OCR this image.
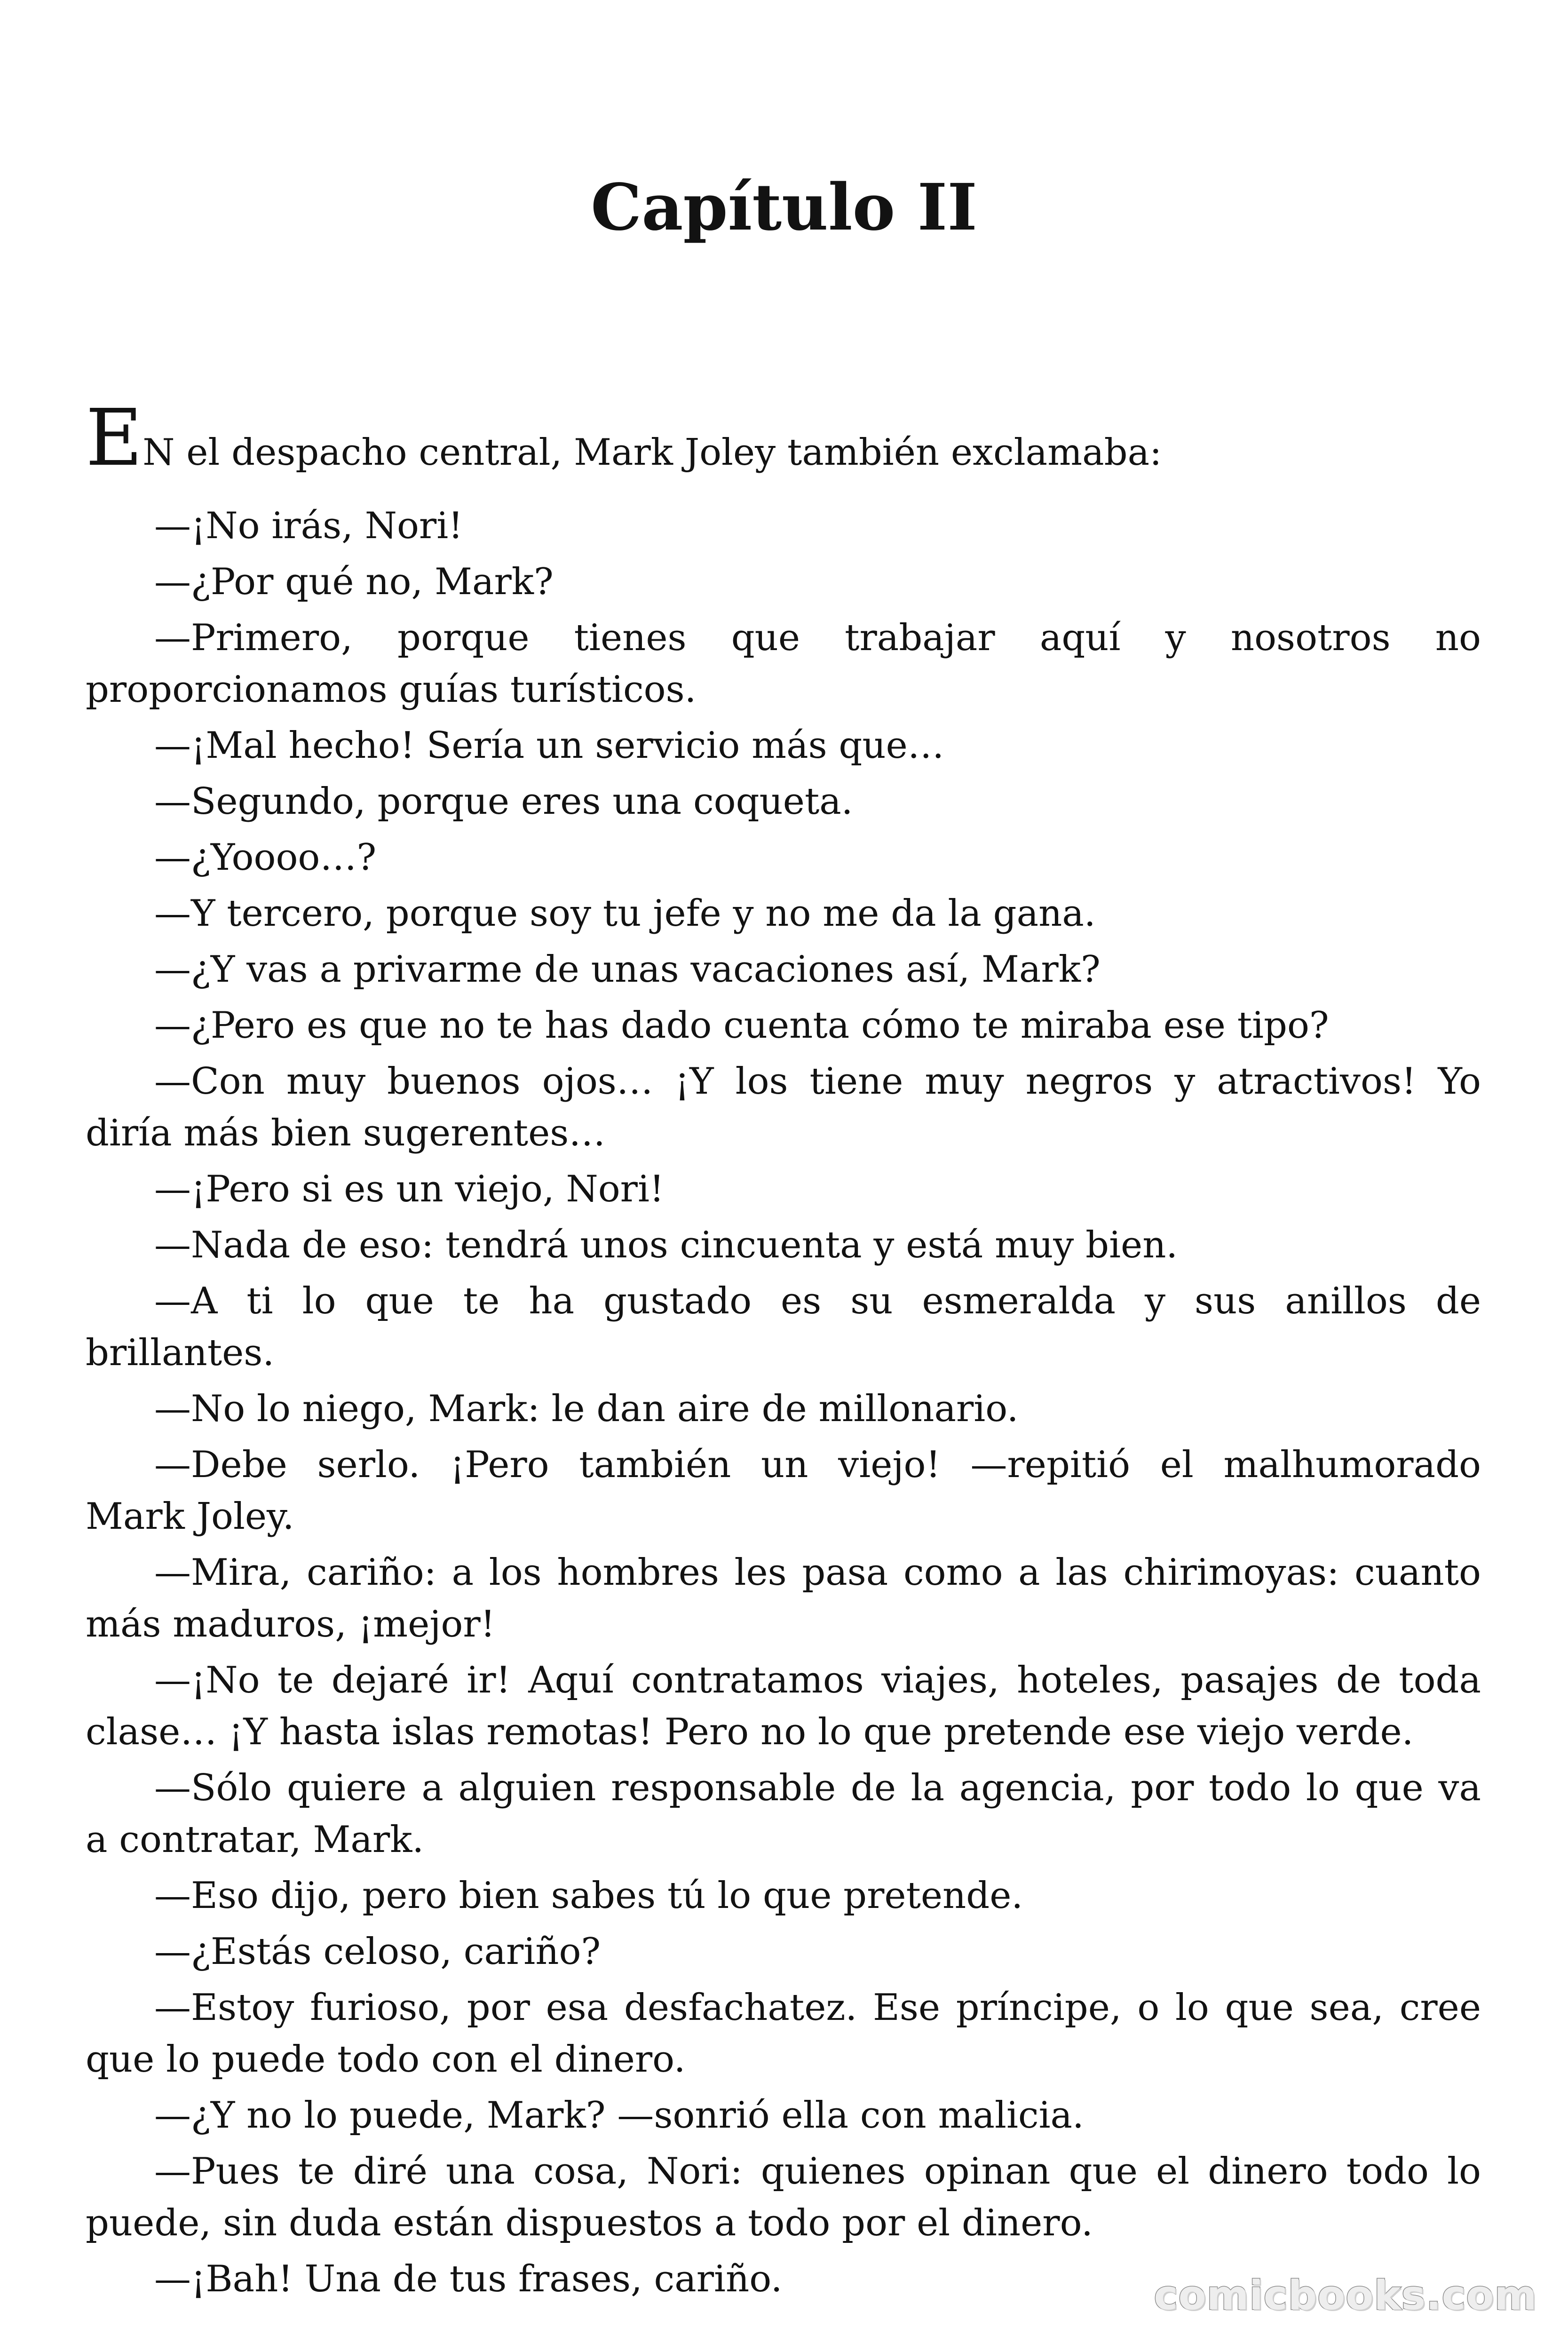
Capítulo II
EN el despacho central, Mark Joley también exclamaba:
—¡No irás, Nori!
—¿Por qué no, Mark?
—Primero, porque tienes que trabajar aquí y nosotros no
proporcionamos guías turísticos.
—¡Mal hecho! Sería un servicio más que…
—Segundo, porque eres una coqueta.
—¿Yoooo…?
—Y tercero, porque soy tu jefe y no me da la gana.
—¿Y vas a privarme de unas vacaciones así, Mark?
—¿Pero es que no te has dado cuenta cómo te miraba ese tipo?
—Con muy buenos ojos… ¡Y los tiene muy negros y atractivos! Yo
diría más bien sugerentes…
—¡Pero si es un viejo, Nori!
—Nada de eso: tendrá unos cincuenta y está muy bien.
—A ti lo que te ha gustado es su esmeralda y sus anillos de
brillantes.
—No lo niego, Mark: le dan aire de millonario.
—Debe serlo. ¡Pero también un viejo! —repitió el malhumorado
Mark Joley.
—Mira, cariño: a los hombres les pasa como a las chirimoyas: cuanto
más maduros, ¡mejor!
—¡No te dejaré ir! Aquí contratamos viajes, hoteles, pasajes de toda
clase… ¡Y hasta islas remotas! Pero no lo que pretende ese viejo verde.
—Sólo quiere a alguien responsable de la agencia, por todo lo que va
a contratar, Mark.
—Eso dijo, pero bien sabes tú lo que pretende.
—¿Estás celoso, cariño?
—Estoy furioso, por esa desfachatez. Ese príncipe, o lo que sea, cree
que lo puede todo con el dinero.
—¿Y no lo puede, Mark? —sonrió ella con malicia.
—Pues te diré una cosa, Nori: quienes opinan que el dinero todo lo
puede, sin duda están dispuestos a todo por el dinero.
—¡Bah! Una de tus frases, cariño.	comicbooks.com
